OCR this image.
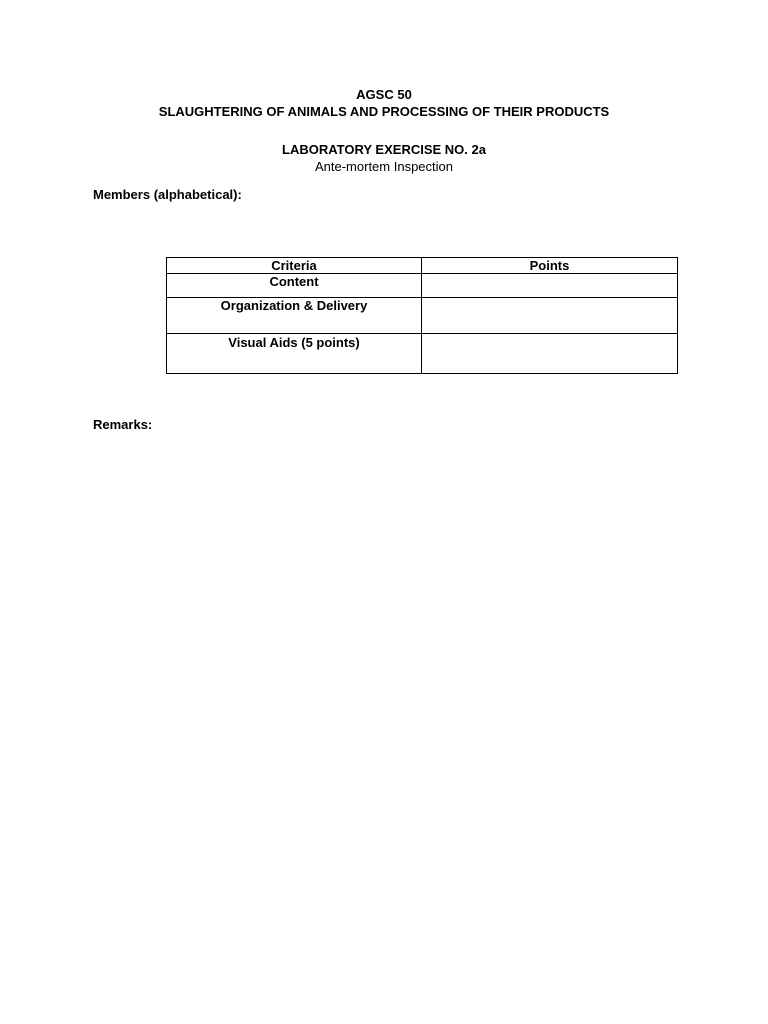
AGSC 50
SLAUGHTERING OF ANIMALS AND PROCESSING OF THEIR PRODUCTS
LABORATORY EXERCISE NO. 2a
Ante-mortem Inspection
Members (alphabetical):
Criteria	Points
Content	
Organization & Delivery	
Visual Aids (5 points)	
Remarks:
